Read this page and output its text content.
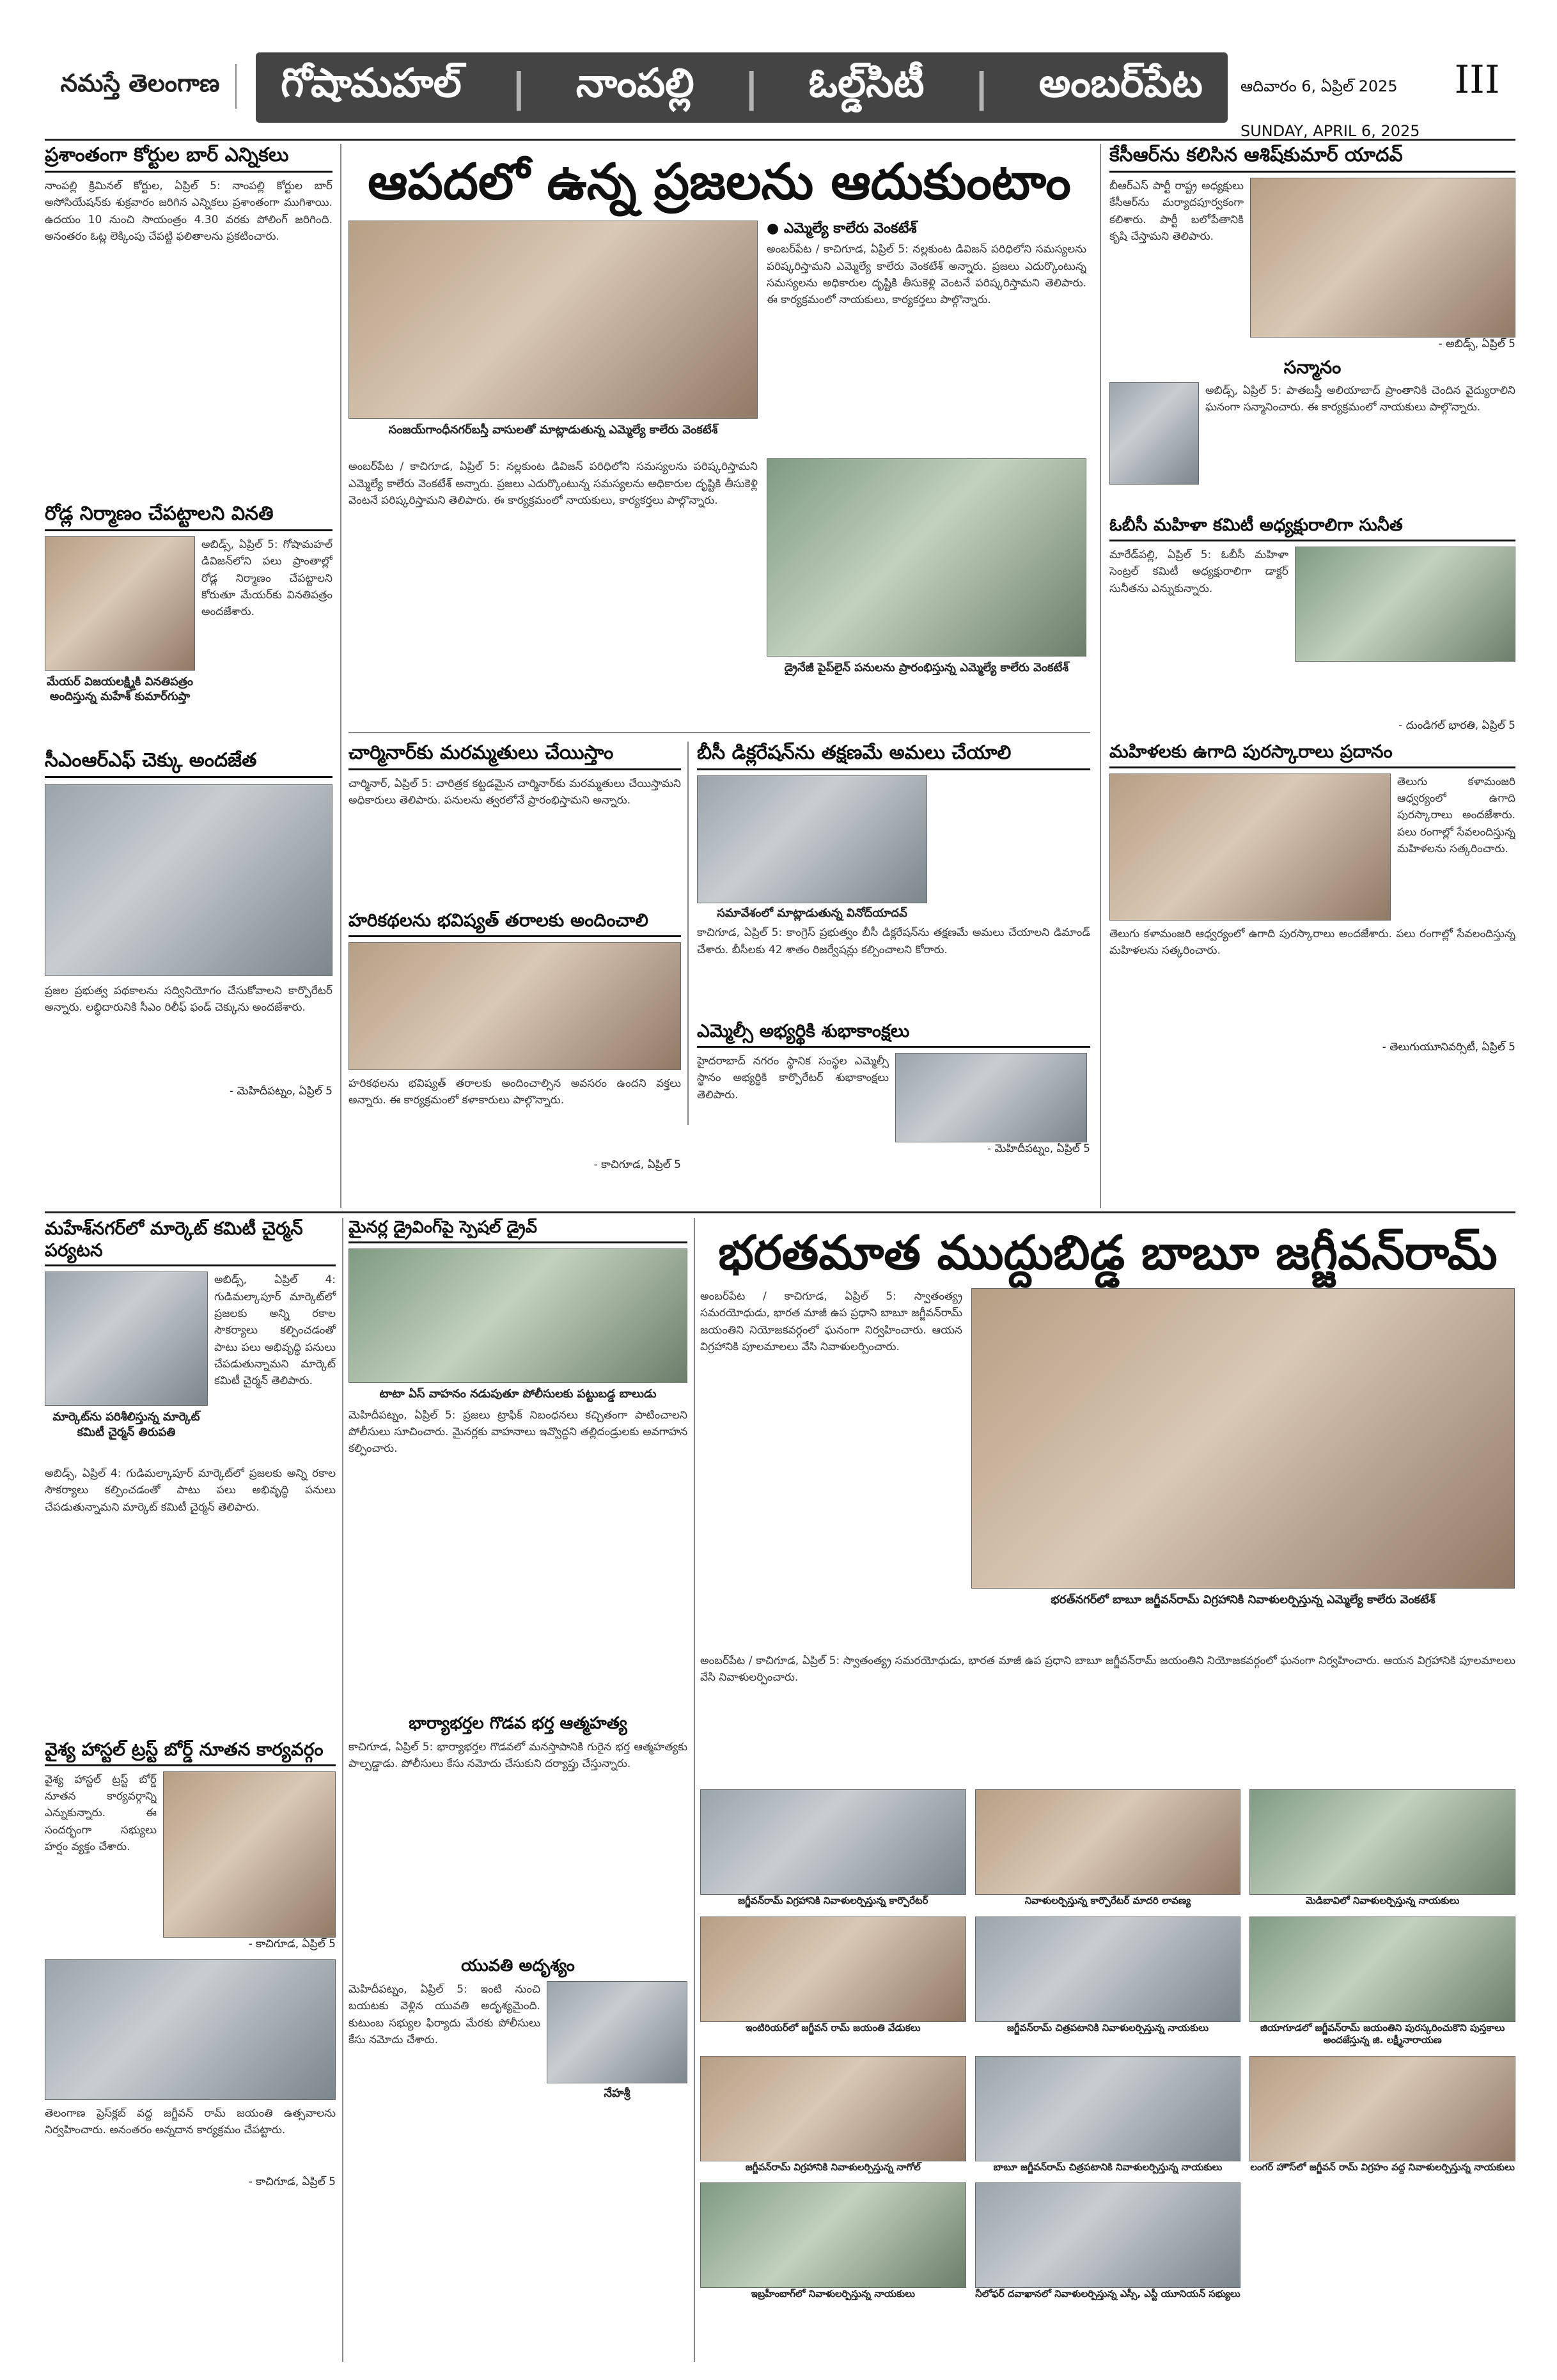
నమస్తే తెలంగాణ	గోషామహల్ | నాంపల్లి | ఓల్డ్‌సిటీ | అంబర్‌పేట ఆదివారం 6, ఏప్రిల్ 2025
SUNDAY, APRIL 6, 2025
III
ప్రశాంతంగా కోర్టుల బార్ ఎన్నికలు
నాంపల్లి క్రిమినల్ కోర్టుల, ఏప్రిల్ 5: నాంపల్లి కోర్టుల బార్ అసోసియేషన్‌కు శుక్రవారం జరిగిన ఎన్నికలు ప్రశాంతంగా ముగిశాయి. ఉదయం 10 నుంచి సాయంత్రం 4.30 వరకు పోలింగ్ జరిగింది. అనంతరం ఓట్ల లెక్కింపు చేపట్టి ఫలితాలను ప్రకటించారు.
రోడ్ల నిర్మాణం చేపట్టాలని వినతి
అబిడ్స్, ఏప్రిల్ 5: గోషామహల్ డివిజన్‌లోని పలు ప్రాంతాల్లో రోడ్ల నిర్మాణం చేపట్టాలని కోరుతూ మేయర్‌కు వినతిపత్రం అందజేశారు.
మేయర్ విజయలక్ష్మికి వినతిపత్రం అందిస్తున్న మహేశ్ కుమార్‌గుప్తా
సీఎంఆర్‌ఎఫ్ చెక్కు అందజేత
ప్రజల ప్రభుత్వ పథకాలను సద్వినియోగం చేసుకోవాలని కార్పొరేటర్ అన్నారు. లబ్ధిదారునికి సీఎం రిలీఫ్ ఫండ్ చెక్కును అందజేశారు.
- మెహిదీపట్నం, ఏప్రిల్ 5
ఆపదలో ఉన్న ప్రజలను ఆదుకుంటాం
సంజయ్‌గాంధీనగర్‌బస్తీ వాసులతో మాట్లాడుతున్న ఎమ్మెల్యే కాలేరు వెంకటేశ్
● ఎమ్మెల్యే కాలేరు వెంకటేశ్
అంబర్‌పేట / కాచిగూడ, ఏప్రిల్ 5: నల్లకుంట డివిజన్ పరిధిలోని సమస్యలను పరిష్కరిస్తామని ఎమ్మెల్యే కాలేరు వెంకటేశ్ అన్నారు. ప్రజలు ఎదుర్కొంటున్న సమస్యలను అధికారుల దృష్టికి తీసుకెళ్లి వెంటనే పరిష్కరిస్తామని తెలిపారు. ఈ కార్యక్రమంలో నాయకులు, కార్యకర్తలు పాల్గొన్నారు.
అంబర్‌పేట / కాచిగూడ, ఏప్రిల్ 5: నల్లకుంట డివిజన్ పరిధిలోని సమస్యలను పరిష్కరిస్తామని ఎమ్మెల్యే కాలేరు వెంకటేశ్ అన్నారు. ప్రజలు ఎదుర్కొంటున్న సమస్యలను అధికారుల దృష్టికి తీసుకెళ్లి వెంటనే పరిష్కరిస్తామని తెలిపారు. ఈ కార్యక్రమంలో నాయకులు, కార్యకర్తలు పాల్గొన్నారు.
డ్రైనేజీ పైప్‌లైన్ పనులను ప్రారంభిస్తున్న ఎమ్మెల్యే కాలేరు వెంకటేశ్
చార్మినార్‌కు మరమ్మతులు చేయిస్తాం
చార్మినార్, ఏప్రిల్ 5: చారిత్రక కట్టడమైన చార్మినార్‌కు మరమ్మతులు చేయిస్తామని అధికారులు తెలిపారు. పనులను త్వరలోనే ప్రారంభిస్తామని అన్నారు.
హరికథలను భవిష్యత్ తరాలకు అందించాలి
హరికథలను భవిష్యత్ తరాలకు అందించాల్సిన అవసరం ఉందని వక్తలు అన్నారు. ఈ కార్యక్రమంలో కళాకారులు పాల్గొన్నారు.
- కాచిగూడ, ఏప్రిల్ 5
బీసీ డిక్లరేషన్‌ను తక్షణమే అమలు చేయాలి
సమావేశంలో మాట్లాడుతున్న వినోద్‌యాదవ్
కాచిగూడ, ఏప్రిల్ 5: కాంగ్రెస్ ప్రభుత్వం బీసీ డిక్లరేషన్‌ను తక్షణమే అమలు చేయాలని డిమాండ్ చేశారు. బీసీలకు 42 శాతం రిజర్వేషన్లు కల్పించాలని కోరారు.
ఎమ్మెల్సీ అభ్యర్థికి శుభాకాంక్షలు
హైదరాబాద్ నగరం స్థానిక సంస్థల ఎమ్మెల్సీ స్థానం అభ్యర్థికి కార్పొరేటర్ శుభాకాంక్షలు తెలిపారు.
- మెహిదీపట్నం, ఏప్రిల్ 5
కేసీఆర్‌ను కలిసిన ఆశిష్‌కుమార్ యాదవ్
బీఆర్ఎస్ పార్టీ రాష్ట్ర అధ్యక్షులు కేసీఆర్‌ను మర్యాదపూర్వకంగా కలిశారు. పార్టీ బలోపేతానికి కృషి చేస్తామని తెలిపారు.
- అబిడ్స్, ఏప్రిల్ 5
సన్మానం
అబిడ్స్, ఏప్రిల్ 5: పాతబస్తీ అలియాబాద్ ప్రాంతానికి చెందిన వైద్యురాలిని ఘనంగా సన్మానించారు. ఈ కార్యక్రమంలో నాయకులు పాల్గొన్నారు.
ఓబీసీ మహిళా కమిటీ అధ్యక్షురాలిగా సునీత
మారేడ్‌పల్లి, ఏప్రిల్ 5: ఓబీసీ మహిళా సెంట్రల్ కమిటీ అధ్యక్షురాలిగా డాక్టర్ సునీతను ఎన్నుకున్నారు.
- దుండిగల్ భారతి, ఏప్రిల్ 5
మహిళలకు ఉగాది పురస్కారాలు ప్రదానం
తెలుగు కళామంజరి ఆధ్వర్యంలో ఉగాది పురస్కారాలు అందజేశారు. పలు రంగాల్లో సేవలందిస్తున్న మహిళలను సత్కరించారు.
తెలుగు కళామంజరి ఆధ్వర్యంలో ఉగాది పురస్కారాలు అందజేశారు. పలు రంగాల్లో సేవలందిస్తున్న మహిళలను సత్కరించారు.
- తెలుగుయూనివర్సిటీ, ఏప్రిల్ 5
మహేశ్‌నగర్‌లో మార్కెట్ కమిటీ చైర్మన్ పర్యటన
అబిడ్స్, ఏప్రిల్ 4: గుడిమల్కాపూర్ మార్కెట్‌లో ప్రజలకు అన్ని రకాల సౌకర్యాలు కల్పించడంతో పాటు పలు అభివృద్ధి పనులు చేపడుతున్నామని మార్కెట్ కమిటీ చైర్మన్ తెలిపారు.
మార్కెట్‌ను పరిశీలిస్తున్న మార్కెట్ కమిటీ చైర్మన్ తిరుపతి
అబిడ్స్, ఏప్రిల్ 4: గుడిమల్కాపూర్ మార్కెట్‌లో ప్రజలకు అన్ని రకాల సౌకర్యాలు కల్పించడంతో పాటు పలు అభివృద్ధి పనులు చేపడుతున్నామని మార్కెట్ కమిటీ చైర్మన్ తెలిపారు.
వైశ్య హాస్టల్ ట్రస్ట్ బోర్డ్ నూతన కార్యవర్గం
వైశ్య హాస్టల్ ట్రస్ట్ బోర్డ్ నూతన కార్యవర్గాన్ని ఎన్నుకున్నారు. ఈ సందర్భంగా సభ్యులు హర్షం వ్యక్తం చేశారు.
- కాచిగూడ, ఏప్రిల్ 5
తెలంగాణ ప్రెస్‌క్లబ్ వద్ద జగ్జీవన్ రామ్ జయంతి ఉత్సవాలను నిర్వహించారు. అనంతరం అన్నదాన కార్యక్రమం చేపట్టారు.
- కాచిగూడ, ఏప్రిల్ 5
మైనర్ల డ్రైవింగ్‌పై స్పెషల్ డ్రైవ్
టాటా ఏస్ వాహనం నడుపుతూ పోలీసులకు పట్టుబడ్డ బాలుడు
మెహిదీపట్నం, ఏప్రిల్ 5: ప్రజలు ట్రాఫిక్ నిబంధనలు కచ్చితంగా పాటించాలని పోలీసులు సూచించారు. మైనర్లకు వాహనాలు ఇవ్వొద్దని తల్లిదండ్రులకు అవగాహన కల్పించారు.
భార్యాభర్తల గొడవ భర్త ఆత్మహత్య
కాచిగూడ, ఏప్రిల్ 5: భార్యాభర్తల గొడవలో మనస్తాపానికి గురైన భర్త ఆత్మహత్యకు పాల్పడ్డాడు. పోలీసులు కేసు నమోదు చేసుకుని దర్యాప్తు చేస్తున్నారు.
యువతి అదృశ్యం
మెహిదీపట్నం, ఏప్రిల్ 5: ఇంటి నుంచి బయటకు వెళ్లిన యువతి అదృశ్యమైంది. కుటుంబ సభ్యుల ఫిర్యాదు మేరకు పోలీసులు కేసు నమోదు చేశారు.
నేహశ్రీ
భరతమాత ముద్దుబిడ్డ బాబూ జగ్జీవన్‌రామ్
అంబర్‌పేట / కాచిగూడ, ఏప్రిల్ 5: స్వాతంత్య్ర సమరయోధుడు, భారత మాజీ ఉప ప్రధాని బాబూ జగ్జీవన్‌రామ్ జయంతిని నియోజకవర్గంలో ఘనంగా నిర్వహించారు. ఆయన విగ్రహానికి పూలమాలలు వేసి నివాళులర్పించారు.
భరత్‌నగర్‌లో బాబూ జగ్జీవన్‌రామ్ విగ్రహానికి నివాళులర్పిస్తున్న ఎమ్మెల్యే కాలేరు వెంకటేశ్
అంబర్‌పేట / కాచిగూడ, ఏప్రిల్ 5: స్వాతంత్య్ర సమరయోధుడు, భారత మాజీ ఉప ప్రధాని బాబూ జగ్జీవన్‌రామ్ జయంతిని నియోజకవర్గంలో ఘనంగా నిర్వహించారు. ఆయన విగ్రహానికి పూలమాలలు వేసి నివాళులర్పించారు.
జగ్జీవన్‌రామ్ విగ్రహానికి నివాళులర్పిస్తున్న కార్పొరేటర్	నివాళులర్పిస్తున్న కార్పొరేటర్ మాదరి లావణ్య	మెడిబావిలో నివాళులర్పిస్తున్న నాయకులు
ఇంటిరియర్‌లో జగ్జీవన్ రామ్ జయంతి వేడుకలు	జగ్జీవన్‌రామ్ చిత్రపటానికి నివాళులర్పిస్తున్న నాయకులు	జియాగూడలో జగ్జీవన్‌రామ్ జయంతిని పురస్కరించుకొని పుస్తకాలు అందజేస్తున్న జి. లక్ష్మీనారాయణ
జగ్జీవన్‌రామ్ విగ్రహానికి నివాళులర్పిస్తున్న నాగోల్	బాబూ జగ్జీవన్‌రామ్ చిత్రపటానికి నివాళులర్పిస్తున్న నాయకులు	లంగర్ హౌస్‌లో జగ్జీవన్ రామ్ విగ్రహం వద్ద నివాళులర్పిస్తున్న నాయకులు
ఇబ్రహీంబాగ్‌లో నివాళులర్పిస్తున్న నాయకులు	నీలోఫర్ దవాఖానలో నివాళులర్పిస్తున్న ఎస్సీ, ఎస్టీ యూనియన్ సభ్యులు
